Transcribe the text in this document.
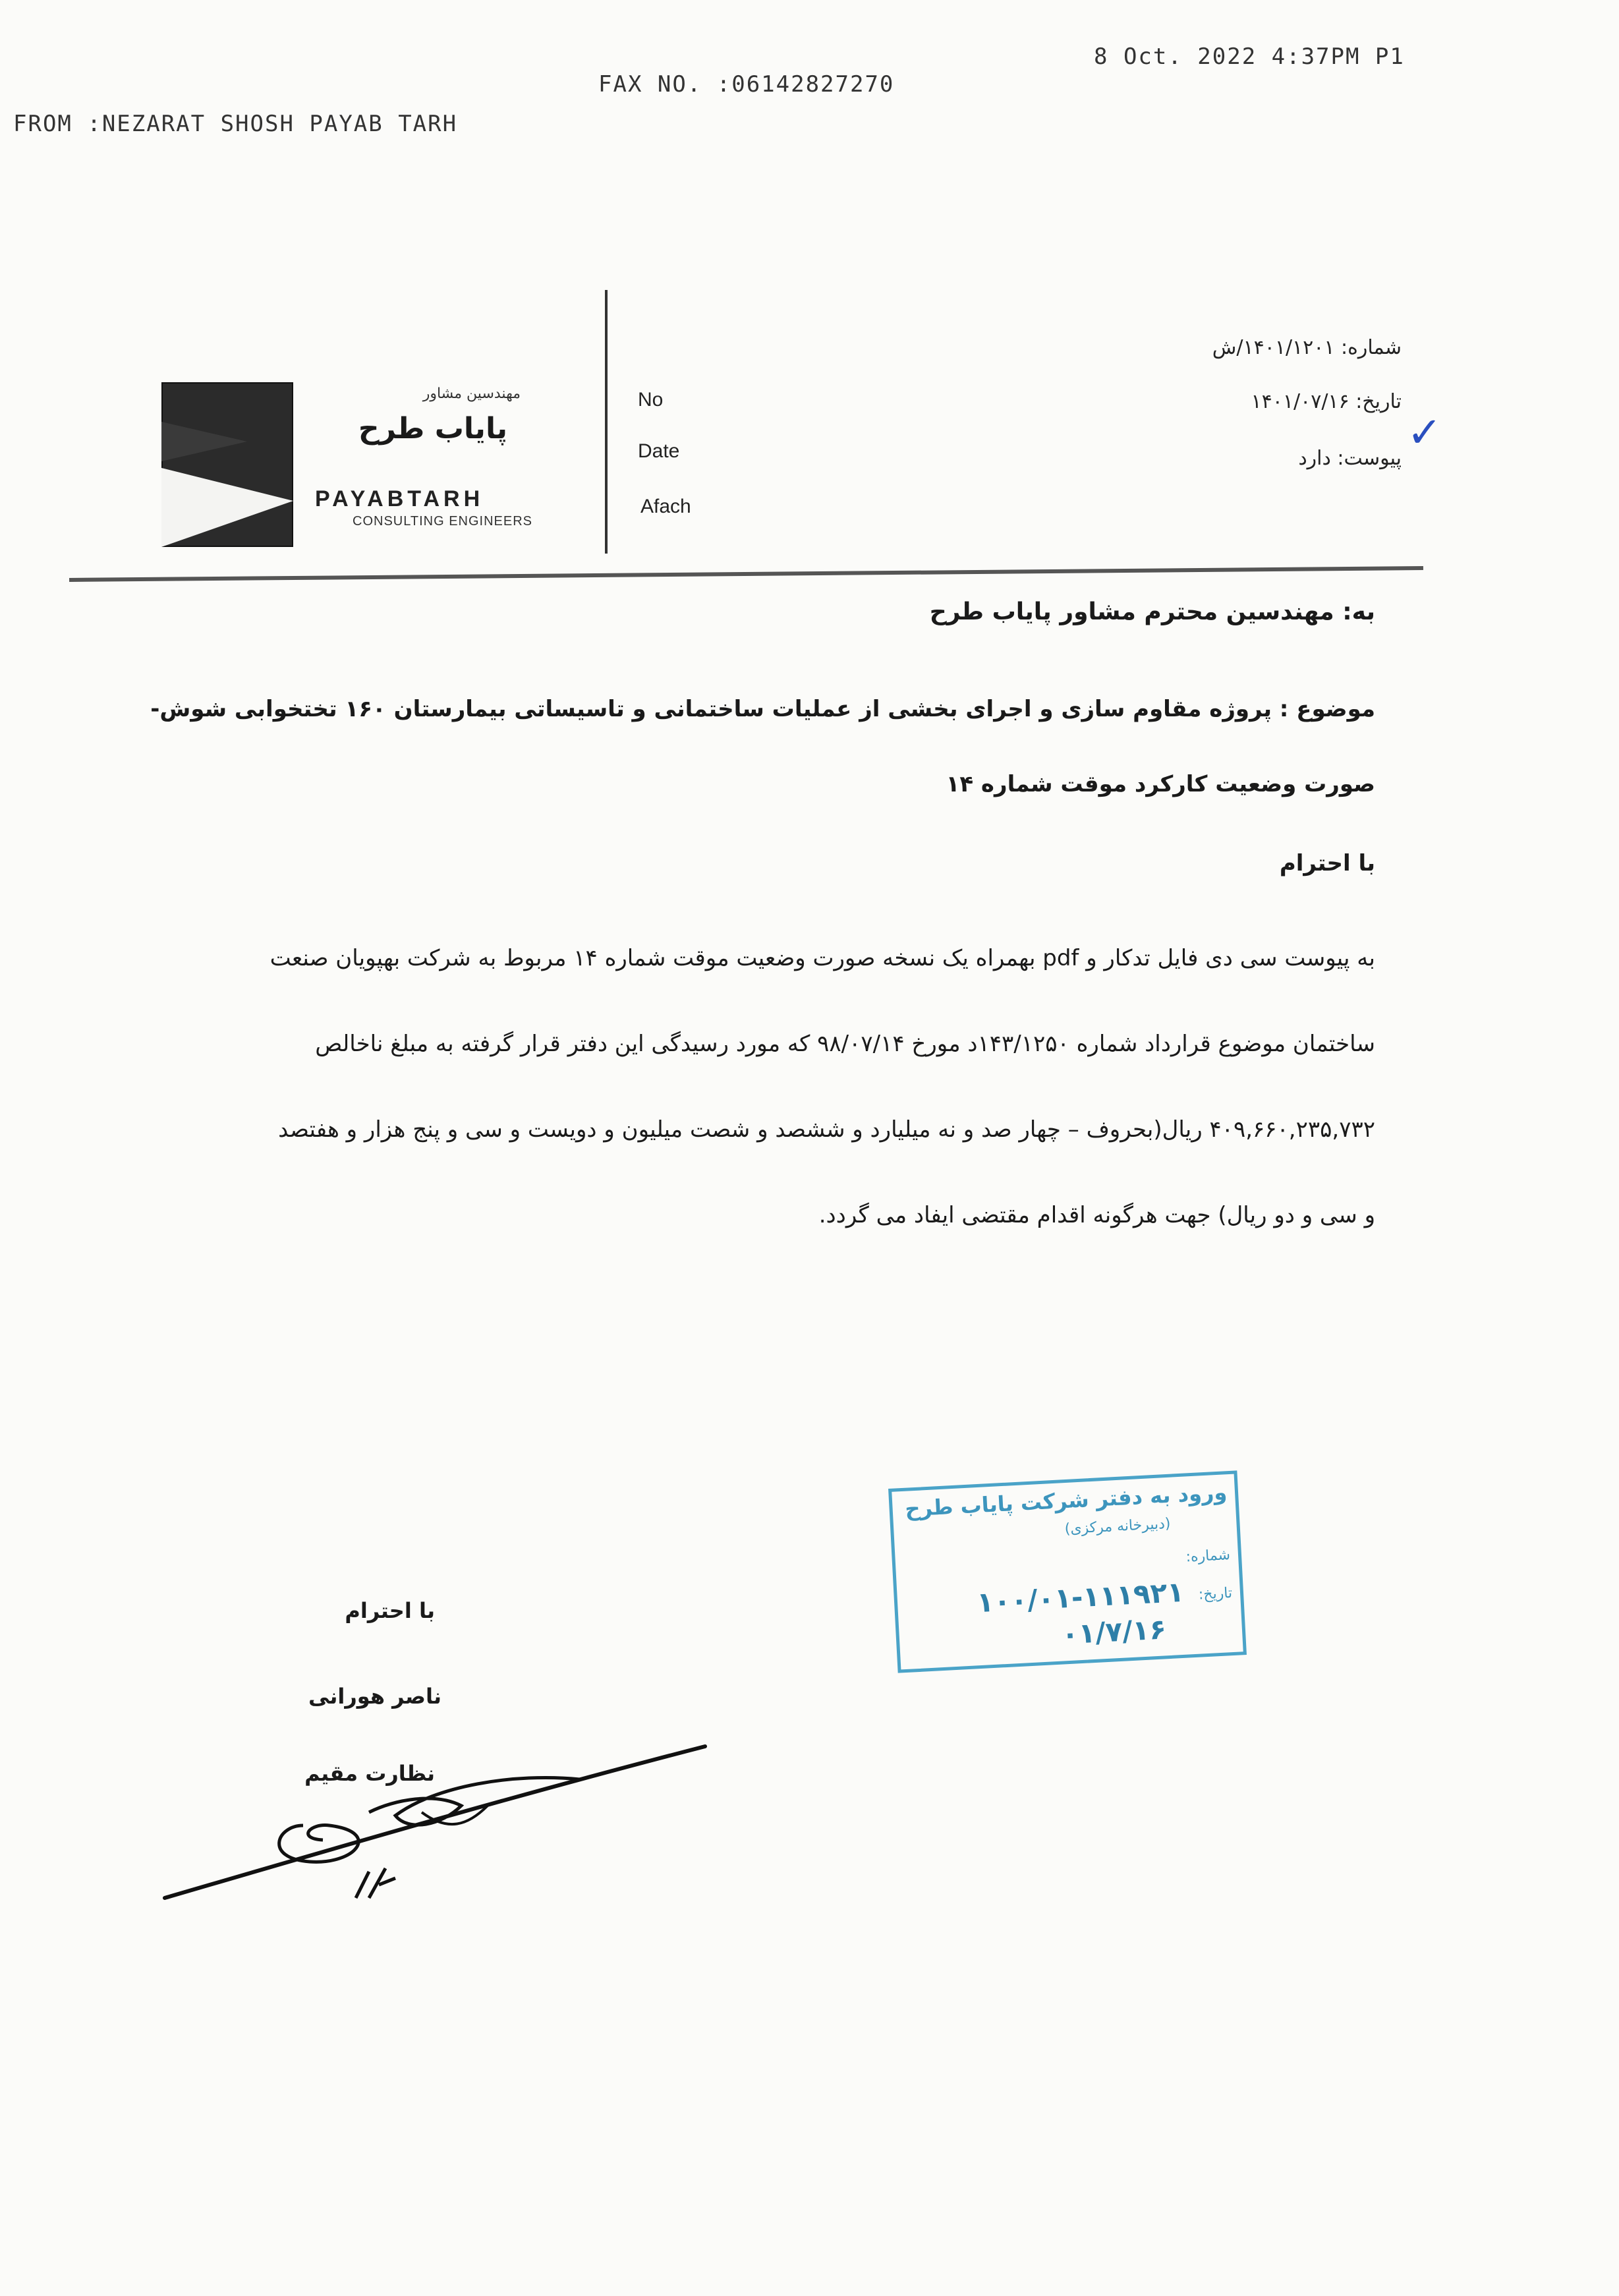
FROM :NEZARAT SHOSH PAYAB TARH
FAX NO. :06142827270
8 Oct. 2022 4:37PM P1
مهندسین مشاور
پایاب طرح
PAYABTARH
CONSULTING ENGINEERS
No
Date
Afach
شماره: ۱۴۰۱/۱۲۰۱/ش
تاریخ: ۱۴۰۱/۰۷/۱۶
پیوست: دارد
✓
به: مهندسین محترم مشاور پایاب طرح
موضوع : پروژه مقاوم سازی و اجرای بخشی از عملیات ساختمانی و تاسیساتی بیمارستان ۱۶۰ تختخوابی شوش-
صورت وضعیت کارکرد موقت شماره ۱۴
با احترام
به پیوست سی دی فایل تدکار و pdf بهمراه یک نسخه صورت وضعیت موقت شماره ۱۴ مربوط به شرکت بهپویان صنعت
ساختمان موضوع قرارداد شماره ۱۴۳/۱۲۵۰د مورخ ۹۸/۰۷/۱۴ که مورد رسیدگی این دفتر قرار گرفته به مبلغ ناخالص
۴۰۹,۶۶۰,۲۳۵,۷۳۲ ریال(بحروف – چهار صد و نه میلیارد و ششصد و شصت میلیون و دویست و سی و پنج هزار و هفتصد
و سی و دو ریال) جهت هرگونه اقدام مقتضی ایفاد می گردد.
ورود به دفتر شرکت پایاب طرح
(دبیرخانه مرکزی)
شماره:
۱۰۰/۰۱-۱۱۱۹۲۱ تاریخ:
۰۱/۷/۱۶
با احترام
ناصر هورانی
نظارت مقیم
